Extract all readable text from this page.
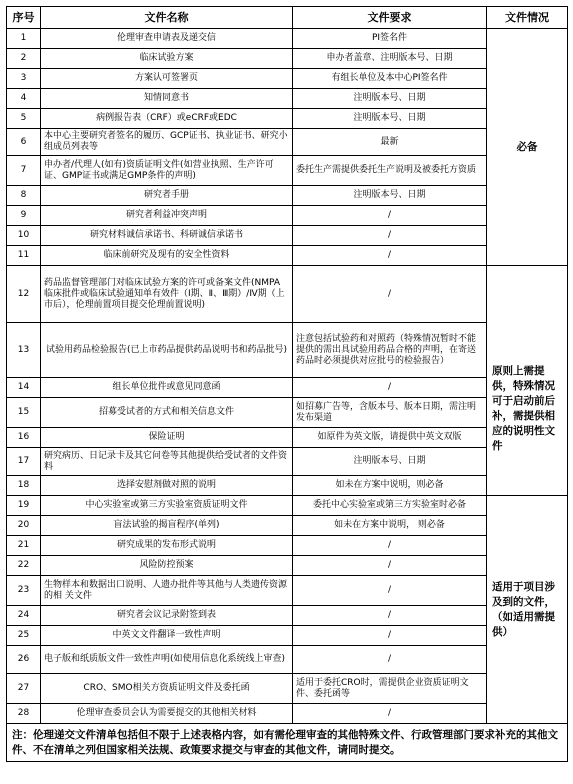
序号	文件名称	文件要求	文件情况
1	伦理审查申请表及递交信	PI签名件	必备
2	临床试验方案	申办者盖章、注明版本号、日期	
3	方案认可签署页	有组长单位及本中心PI签名件	
4	知情同意书	注明版本号、日期	
5	病例报告表（CRF）或eCRF或EDC	注明版本号、日期	
6	本中心主要研究者签名的履历、GCP证书、执业证书、研究小组成员列表等	最新	
7	申办者/代理人(如有)资质证明文件(如营业执照、生产许可证、GMP证书或满足GMP条件的声明)	委托生产需提供委托生产说明及被委托方资质	
8	研究者手册	注明版本号、日期	
9	研究者利益冲突声明	/	
10	研究材料诚信承诺书、科研诚信承诺书	/	
11	临床前研究及现有的安全性资料	/	
12	药品监督管理部门对临床试验方案的许可或备案文件(NMPA临床批件或临床试验通知单有效件（Ⅰ期、Ⅱ、Ⅲ期）/Ⅳ期（上市后），伦理前置项目提交伦理前置说明)	/	
13	试验用药品检验报告(已上市药品提供药品说明书和药品批号)	注意包括试验药和对照药（特殊情况暂时不能提供的需出具试验用药品合格的声明，在寄送药品时必须提供对应批号的检验报告）	原则上需提供，特殊情况可于启动前后补，需提供相应的说明性文件
14	组长单位批件或意见同意函	/	
15	招募受试者的方式和相关信息文件	如招募广告等，含版本号、版本日期，需注明发布渠道	
16	保险证明	如原件为英文版，请提供中英文双版	
17	研究病历、日记录卡及其它问卷等其他提供给受试者的文件资料	注明版本号、日期	
18	选择安慰剂做对照的说明	如未在方案中说明，则必备	
19	中心实验室或第三方实验室资质证明文件	委托中心实验室或第三方实验室时必备	适用于项目涉及到的文件，（如适用需提供）
20	盲法试验的揭盲程序(单列)	如未在方案中说明， 则必备	
21	研究成果的发布形式说明	/	
22	风险防控预案	/	
23	生物样本和数据出口说明、人遗办批件等其他与人类遗传资源的相 关文件	/	
24	研究者会议记录附签到表	/	
25	中英文文件翻译一致性声明	/	
26	电子版和纸质版文件一致性声明(如使用信息化系统线上审查)	/	
27	CRO、SMO相关方资质证明文件及委托函	适用于委托CRO时，需提供企业资质证明文件、委托函等	
28	伦理审查委员会认为需要提交的其他相关材料	/	
注：伦理递交文件清单包括但不限于上述表格内容，如有需伦理审查的其他特殊文件、行政管理部门要求补充的其他文件、不在清单之列但国家相关法规、政策要求提交与审查的其他文件，请同时提交。			
